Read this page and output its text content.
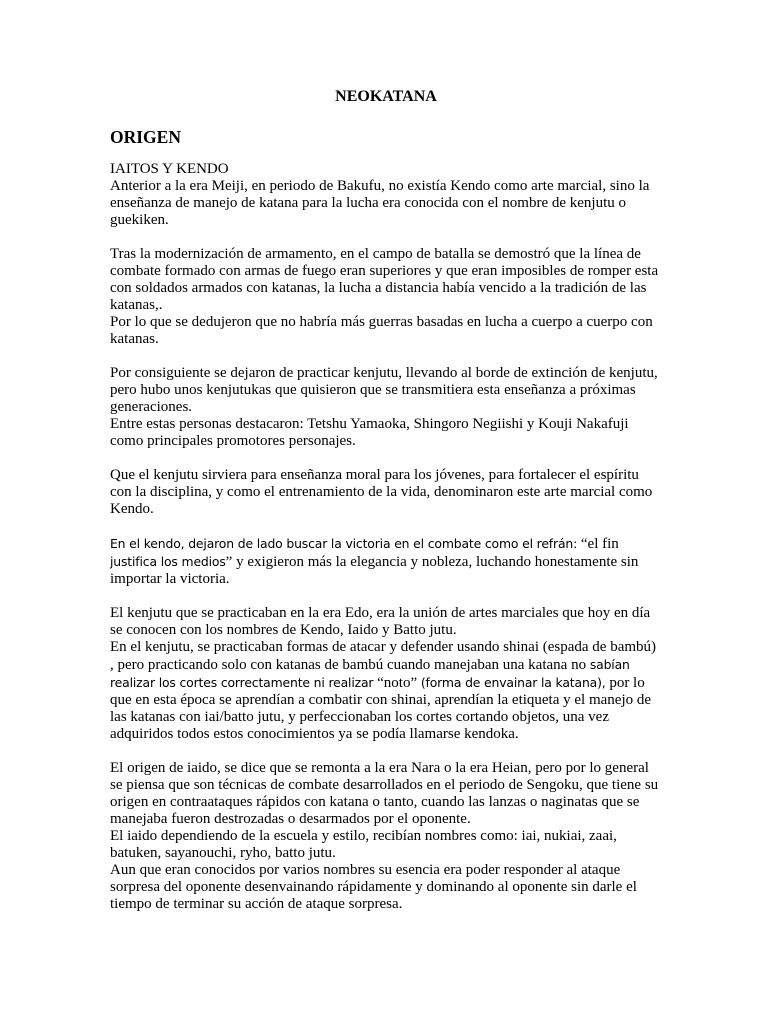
NEOKATANA
ORIGEN

IAITOS Y KENDO

Anterior a la era Meiji, en periodo de Bakufu, no existía Kendo como arte marcial, sino la enseñanza de manejo de katana para la lucha era conocida con el nombre de kenjutu o guekiken.

Tras la modernización de armamento, en el campo de batalla se demostró que la línea de combate formado con armas de fuego eran superiores y que eran imposibles de romper esta con soldados armados con katanas, la lucha a distancia había vencido a la tradición de las katanas,.

Por lo que se dedujeron que no habría más guerras basadas en lucha a cuerpo a cuerpo con katanas.

Por consiguiente se dejaron de practicar kenjutu, llevando al borde de extinción de kenjutu, pero hubo unos kenjutukas que quisieron que se transmitiera esta enseñanza a próximas generaciones.

Entre estas personas destacaron: Tetshu Yamaoka, Shingoro Negiishi y Kouji Nakafuji como principales promotores personajes.

Que el kenjutu sirviera para enseñanza moral para los jóvenes, para fortalecer el espíritu con la disciplina, y como el entrenamiento de la vida, denominaron este arte marcial como Kendo.

En el kendo, dejaron de lado buscar la victoria en el combate como el refrán: “el fin justifica los medios” y exigieron más la elegancia y nobleza, luchando honestamente sin importar la victoria.

El kenjutu que se practicaban en la era Edo, era la unión de artes marciales que hoy en día se conocen con los nombres de Kendo, Iaido y Batto jutu.

En el kenjutu, se practicaban formas de atacar y defender usando shinai (espada de bambú) , pero practicando solo con katanas de bambú cuando manejaban una katana no sabían realizar los cortes correctamente ni realizar “noto” (forma de envainar la katana), por lo que en esta época se aprendían a combatir con shinai, aprendían la etiqueta y el manejo de las katanas con iai/batto jutu, y perfeccionaban los cortes cortando objetos, una vez adquiridos todos estos conocimientos ya se podía llamarse kendoka.

El origen de iaido, se dice que se remonta a la era Nara o la era Heian, pero por lo general se piensa que son técnicas de combate desarrollados en el periodo de Sengoku, que tiene su origen en contraataques rápidos con katana o tanto, cuando las lanzas o naginatas que se manejaba fueron destrozadas o desarmados por el oponente.

El iaido dependiendo de la escuela y estilo, recibían nombres como: iai, nukiai, zaai, batuken, sayanouchi, ryho, batto jutu.

Aun que eran conocidos por varios nombres su esencia era poder responder al ataque sorpresa del oponente desenvainando rápidamente y dominando al oponente sin darle el tiempo de terminar su acción de ataque sorpresa.
